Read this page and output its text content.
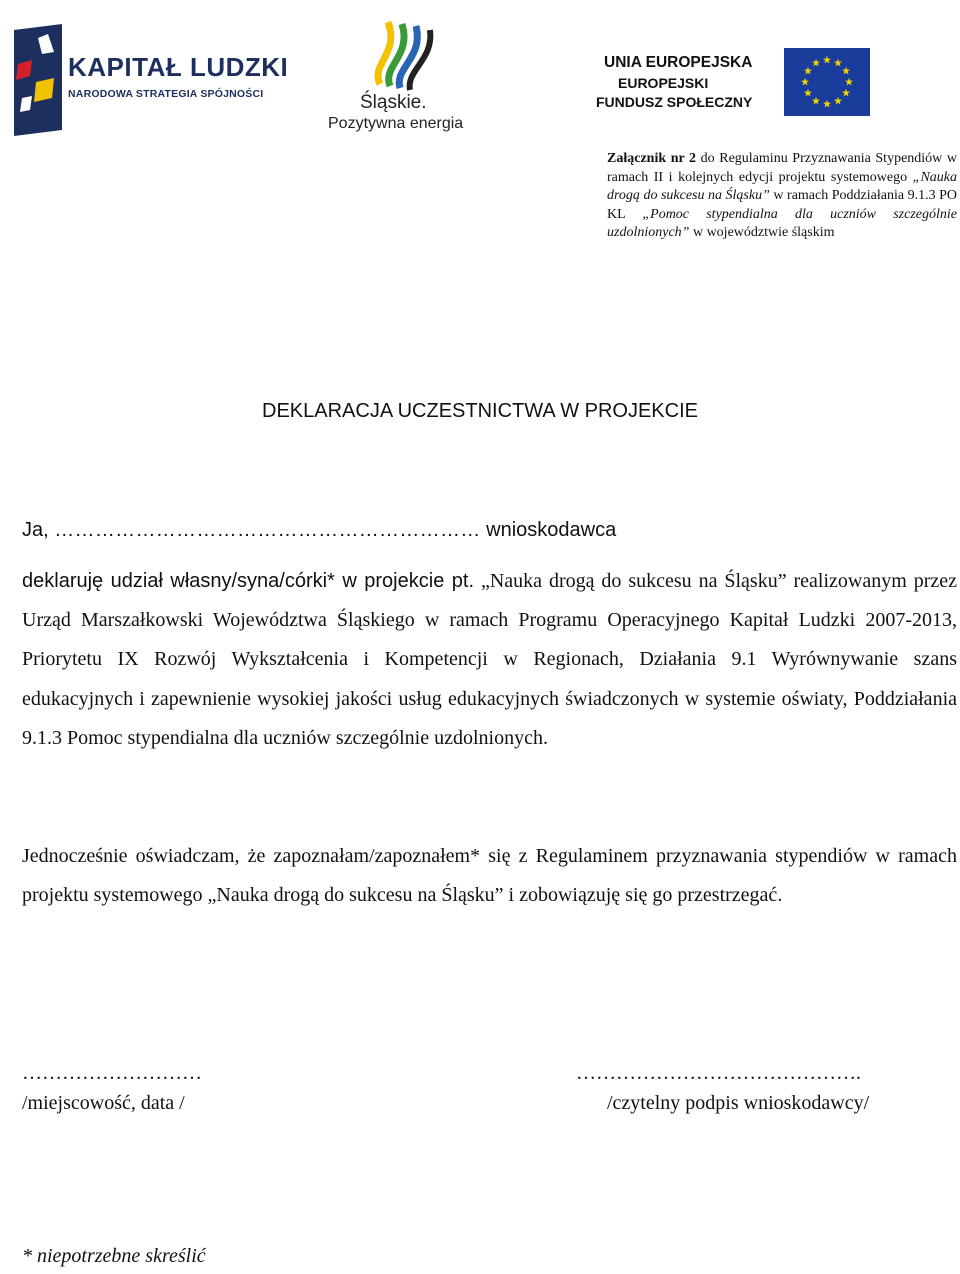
KAPITAŁ LUDZKI
NARODOWA STRATEGIA SPÓJNOŚCI	Śląskie.
Pozytywna energia
UNIA EUROPEJSKA
EUROPEJSKI
FUNDUSZ SPOŁECZNY
Załącznik nr 2 do Regulaminu Przyznawania Stypendiów w ramach II i kolejnych edycji projektu systemowego „Nauka drogą do sukcesu na Śląsku” w ramach Poddziałania 9.1.3 PO KL „Pomoc stypendialna dla uczniów szczególnie uzdolnionych” w województwie śląskim
DEKLARACJA UCZESTNICTWA W PROJEKCIE
Ja, ……………………………………………………… wnioskodawca
deklaruję udział własny/syna/córki* w projekcie pt. „Nauka drogą do sukcesu na Śląsku” realizowanym przez Urząd Marszałkowski Województwa Śląskiego w ramach Programu Operacyjnego Kapitał Ludzki 2007-2013, Priorytetu IX Rozwój Wykształcenia i Kompetencji w Regionach, Działania 9.1 Wyrównywanie szans edukacyjnych i zapewnienie wysokiej jakości usług edukacyjnych świadczonych w systemie oświaty, Poddziałania 9.1.3 Pomoc stypendialna dla uczniów szczególnie uzdolnionych.
Jednocześnie oświadczam, że zapoznałam/zapoznałem* się z Regulaminem przyznawania stypendiów w ramach projektu systemowego „Nauka drogą do sukcesu na Śląsku” i zobowiązuję się go przestrzegać.
………………………	…………………………………….
/miejscowość, data /	/czytelny podpis wnioskodawcy/
* niepotrzebne skreślić
